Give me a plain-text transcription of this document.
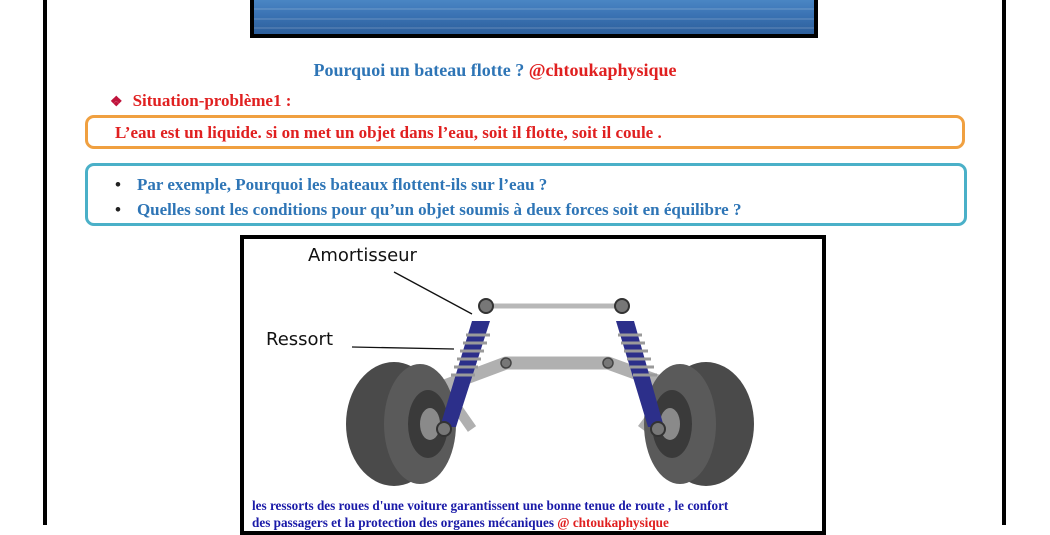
Pourquoi un bateau flotte ? @chtoukaphysique
❖ Situation-problème1 :
L’eau est un liquide. si on met un objet dans l’eau, soit il flotte, soit il coule .
• Par exemple, Pourquoi les bateaux flottent-ils sur l’eau ?
• Quelles sont les conditions pour qu’un objet soumis à deux forces soit en équilibre ?
Amortisseur
Ressort
les ressorts des roues d'une voiture garantissent une bonne tenue de route , le confort
des passagers et la protection des organes mécaniques @ chtoukaphysique
